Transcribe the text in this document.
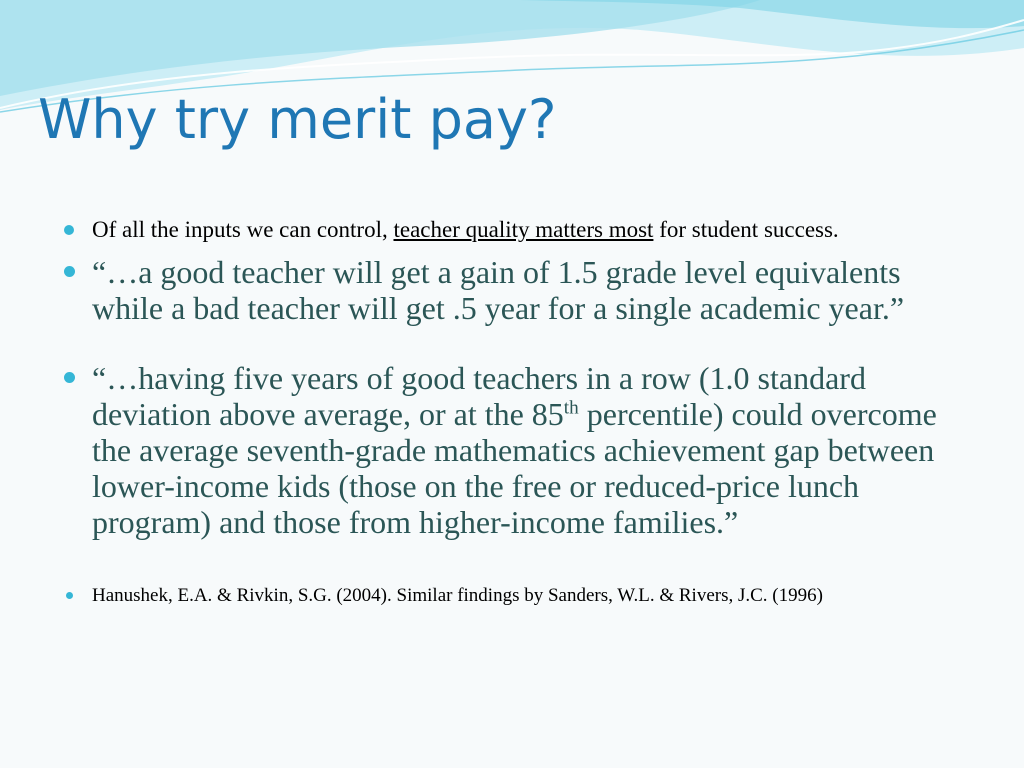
Why try merit pay?
Of all the inputs we can control, teacher quality matters most for student success.
“…a good teacher will get a gain of 1.5 grade level equivalents while a bad teacher will get .5 year for a single academic year.”
“…having five years of good teachers in a row (1.0 standard deviation above average, or at the 85th percentile) could overcome the average seventh-grade mathematics achievement gap between lower-income kids (those on the free or reduced-price lunch program) and those from higher-income families.”
Hanushek, E.A. & Rivkin, S.G. (2004). Similar findings by Sanders, W.L. & Rivers, J.C. (1996)
